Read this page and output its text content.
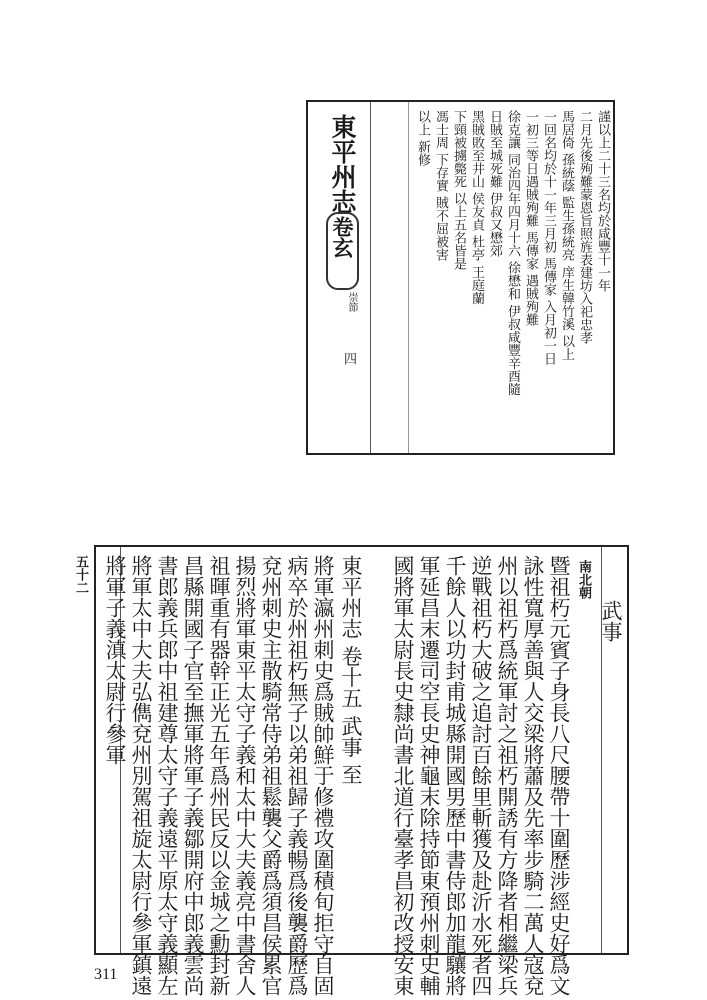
東平州志
卷玄
崇節
四
謹以上二十三名均於咸豐十一年
二月先後殉難蒙恩旨照旌表建坊入祀忠孝
馬居倚 孫統蔭 監生孫統亮 庠生韓竹溪 以上
一回名均於十一年三月初 馬傳家 入月初一日
一初三等日遇賊殉難 馬傳家 遇賊殉難
徐克讓 同治四年四月十六 徐懋和 伊叔咸豐辛酉隨
日賊至城死難 伊叔又懋郊
黑賊敗至井山 侯友貞 杜亭 王庭蘭
下頸被擄斃死 以上五名皆是
馮士周 下存實 賊不屈被害
以上 新修
五十二
武事
南北朝
暨祖朽元賓子身長八尺腰帶十圍歷涉經史好爲文
詠性寬厚善與人交梁將蕭及先率步騎二萬人寇兗
州以祖朽爲統軍討之祖朽開誘有方降者相繼梁兵
逆戰祖朽大破之追討百餘里斬獲及赴沂水死者四
千餘人以功封甫城縣開國男歷中書侍郎加龍驤將
軍延昌末遷司空長史神龜末除持節東預州刺史輔
國將軍太尉長史隸尚書北道行臺孝昌初改授安東
東平州志 卷十五 武事 至
將軍瀛州刺史爲賊帥鮮于修禮攻圍積旬拒守自固
病卒於州祖朽無子以弟祖歸子義暢爲後襲爵歷爲
兗州刺史主散騎常侍弟祖鬆襲父爵爲須昌侯累官
揚烈將軍東平太守子義和太中大夫義亮中書舍人
祖暉重有器幹正光五年爲州民反以金城之勳封新
昌縣開國子官至撫軍將軍子義鄒開府中郎義雲尚
書郎義兵郎中祖建尊太守子義遠平原太守義顯左
將軍太中大夫弘儁兗州別駕祖旋太尉行參軍鎮遠
將軍子義滇太尉行參軍
311
